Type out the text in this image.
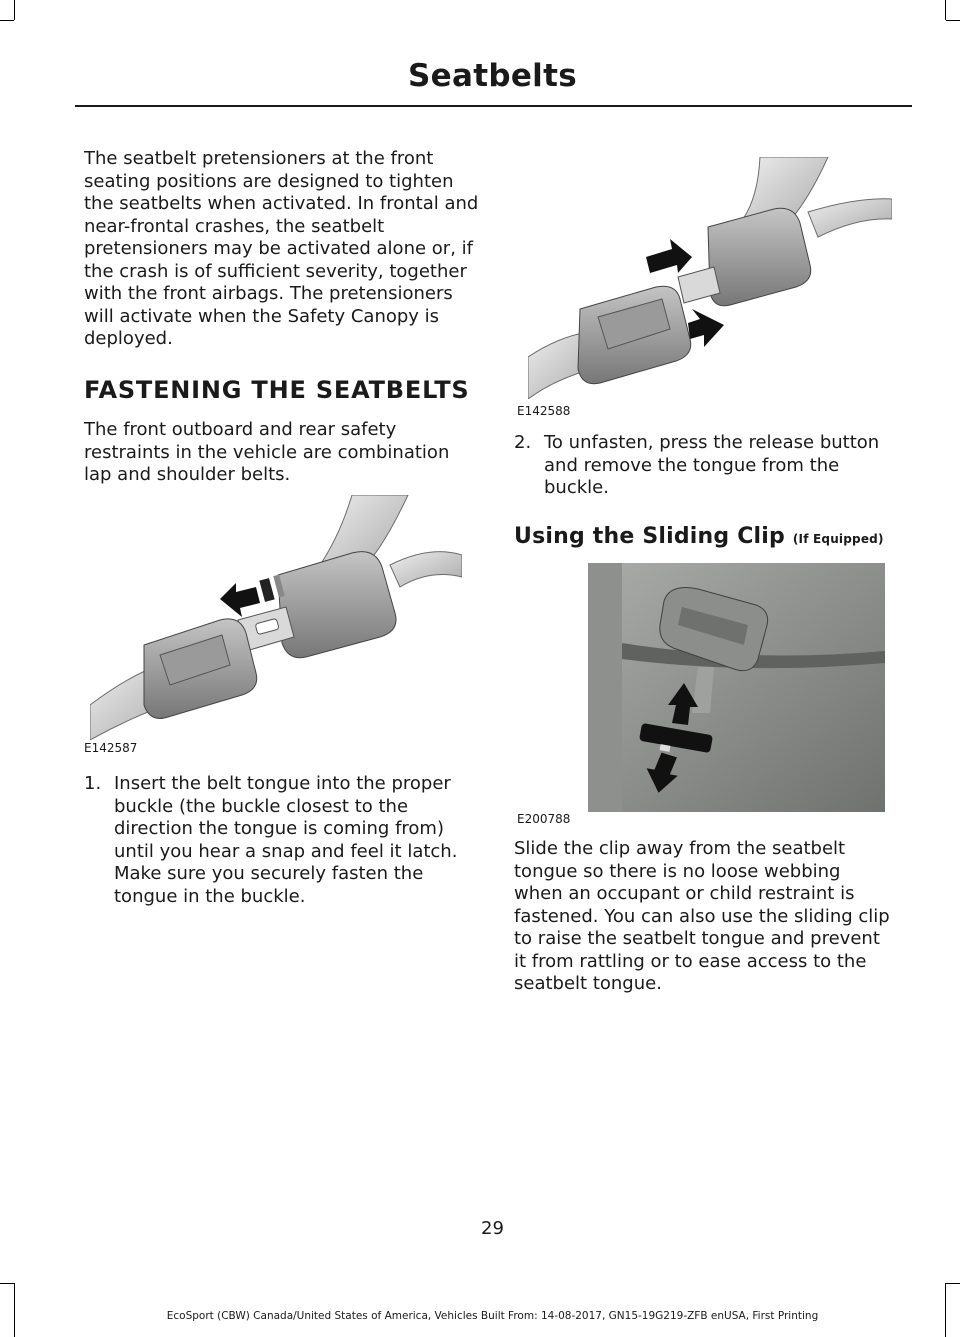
Seatbelts

The seatbelt pretensioners at the front seating positions are designed to tighten the seatbelts when activated. In frontal and near-frontal crashes, the seatbelt pretensioners may be activated alone or, if the crash is of sufficient severity, together with the front airbags. The pretensioners will activate when the Safety Canopy is deployed.

FASTENING THE SEATBELTS

The front outboard and rear safety restraints in the vehicle are combination lap and shoulder belts.

E142587
1. Insert the belt tongue into the proper buckle (the buckle closest to the direction the tongue is coming from) until you hear a snap and feel it latch. Make sure you securely fasten the tongue in the buckle.
E142588
2. To unfasten, press the release button and remove the tongue from the buckle.

Using the Sliding Clip (If Equipped)

E200788

Slide the clip away from the seatbelt tongue so there is no loose webbing when an occupant or child restraint is fastened. You can also use the sliding clip to raise the seatbelt tongue and prevent it from rattling or to ease access to the seatbelt tongue.

29
EcoSport (CBW) Canada/United States of America, Vehicles Built From: 14-08-2017, GN15-19G219-ZFB enUSA, First Printing
